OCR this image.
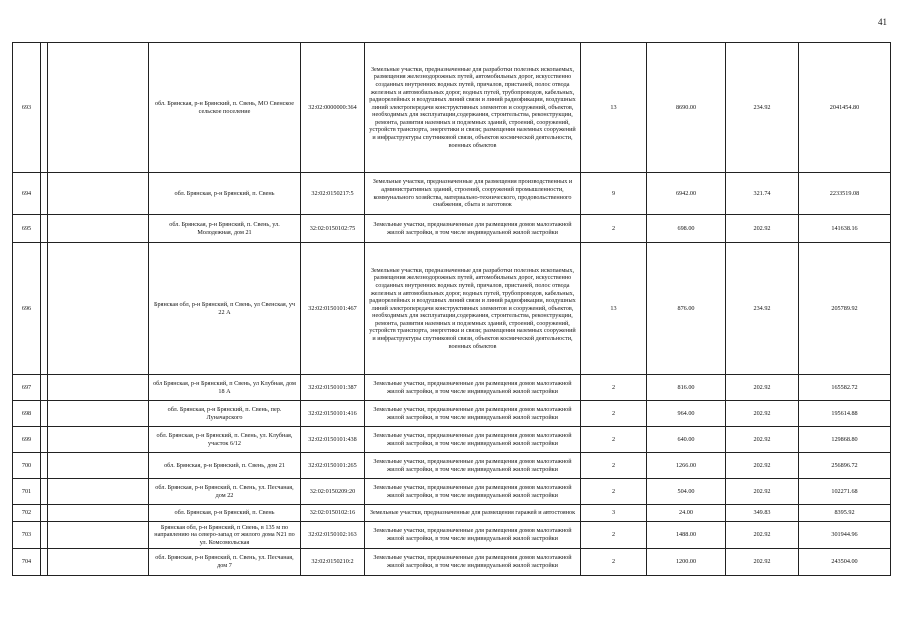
41
693			обл. Брянская, р-н Брянский, п. Свень, МО Свенское сельское поселение	32:02:0000000:364	Земельные участки, предназначенные для разработки полезных ископаемых, размещения железнодорожных путей, автомобильных дорог, искусственно созданных внутренних водных путей, причалов, пристаней, полос отвода железных и автомобильных дорог, водных путей, трубопроводов, кабельных, радиорелейных и воздушных линий связи и линий радиофикации, воздушных линий электропередачи конструктивных элементов и сооружений, объектов, необходимых для эксплуатации,содержания, строительства, реконструкции, ремонта, развития наземных и подземных зданий, строений, сооружений, устройств транспорта, энергетики и связи; размещения наземных сооружений и инфраструктуры спутниковой связи, объектов космической деятельности, военных объектов	13	8690.00	234.92	2041454.80
694			обл. Брянская, р-н Брянский, п. Свень	32:02:0150217:5	Земельные участки, предназначенные для размещения производственных и административных зданий, строений, сооружений промышленности, коммунального хозяйства, материально-технического, продовольственного снабжения, сбыта и заготовок	9	6942.00	321.74	2233519.08
695			обл. Брянская, р-н Брянский, п. Свень, ул. Молодежная, дом 21	32:02:0150102:75	Земельные участки, предназначенные для размещения домов малоэтажной жилой застройки, в том числе индивидуальной жилой застройки	2	698.00	202.92	141638.16
696			Брянская обл, р-н Брянский, п Свень, ул Свенская, уч 22 А	32:02:0150101:467	Земельные участки, предназначенные для разработки полезных ископаемых, размещения железнодорожных путей, автомобильных дорог, искусственно созданных внутренних водных путей, причалов, пристаней, полос отвода железных и автомобильных дорог, водных путей, трубопроводов, кабельных, радиорелейных и воздушных линий связи и линий радиофикации, воздушных линий электропередачи конструктивных элементов и сооружений, объектов, необходимых для эксплуатации,содержания, строительства, реконструкции, ремонта, развития наземных и подземных зданий, строений, сооружений, устройств транспорта, энергетики и связи; размещения наземных сооружений и инфраструктуры спутниковой связи, объектов космической деятельности, военных объектов	13	876.00	234.92	205789.92
697			обл Брянская, р-н Брянский, п Свень, ул Клубная, дом 18 А	32:02:0150101:387	Земельные участки, предназначенные для размещения домов малоэтажной жилой застройки, в том числе индивидуальной жилой застройки	2	816.00	202.92	165582.72
698			обл. Брянская, р-н Брянский, п. Свень, пер. Луначарского	32:02:0150101:416	Земельные участки, предназначенные для размещения домов малоэтажной жилой застройки, в том числе индивидуальной жилой застройки	2	964.00	202.92	195614.88
699			обл. Брянская, р-н Брянский, п. Свень, ул. Клубная, участок 6/12	32:02:0150101:438	Земельные участки, предназначенные для размещения домов малоэтажной жилой застройки, в том числе индивидуальной жилой застройки	2	640.00	202.92	129868.80
700			обл. Брянская, р-н Брянский, п. Свень, дом 21	32:02:0150101:265	Земельные участки, предназначенные для размещения домов малоэтажной жилой застройки, в том числе индивидуальной жилой застройки	2	1266.00	202.92	256896.72
701			обл. Брянская, р-н Брянский, п. Свень, ул. Песчаная, дом 22	32:02:0150209:20	Земельные участки, предназначенные для размещения домов малоэтажной жилой застройки, в том числе индивидуальной жилой застройки	2	504.00	202.92	102271.68
702			обл. Брянская, р-н Брянский, п. Свень	32:02:0150102:16	Земельные участки, предназначенные для размещения гаражей и автостоянок	3	24.00	349.83	8395.92
703			Брянская обл, р-н Брянский, п Свень, в 135 м по направлению на северо-запад от жилого дома N21 по ул. Комсомольская	32:02:0150102:163	Земельные участки, предназначенные для размещения домов малоэтажной жилой застройки, в том числе индивидуальной жилой застройки	2	1488.00	202.92	301944.96
704			обл. Брянская, р-н Брянский, п. Свень, ул. Песчаная, дом 7	32:02:0150210:2	Земельные участки, предназначенные для размещения домов малоэтажной жилой застройки, в том числе индивидуальной жилой застройки	2	1200.00	202.92	243504.00
